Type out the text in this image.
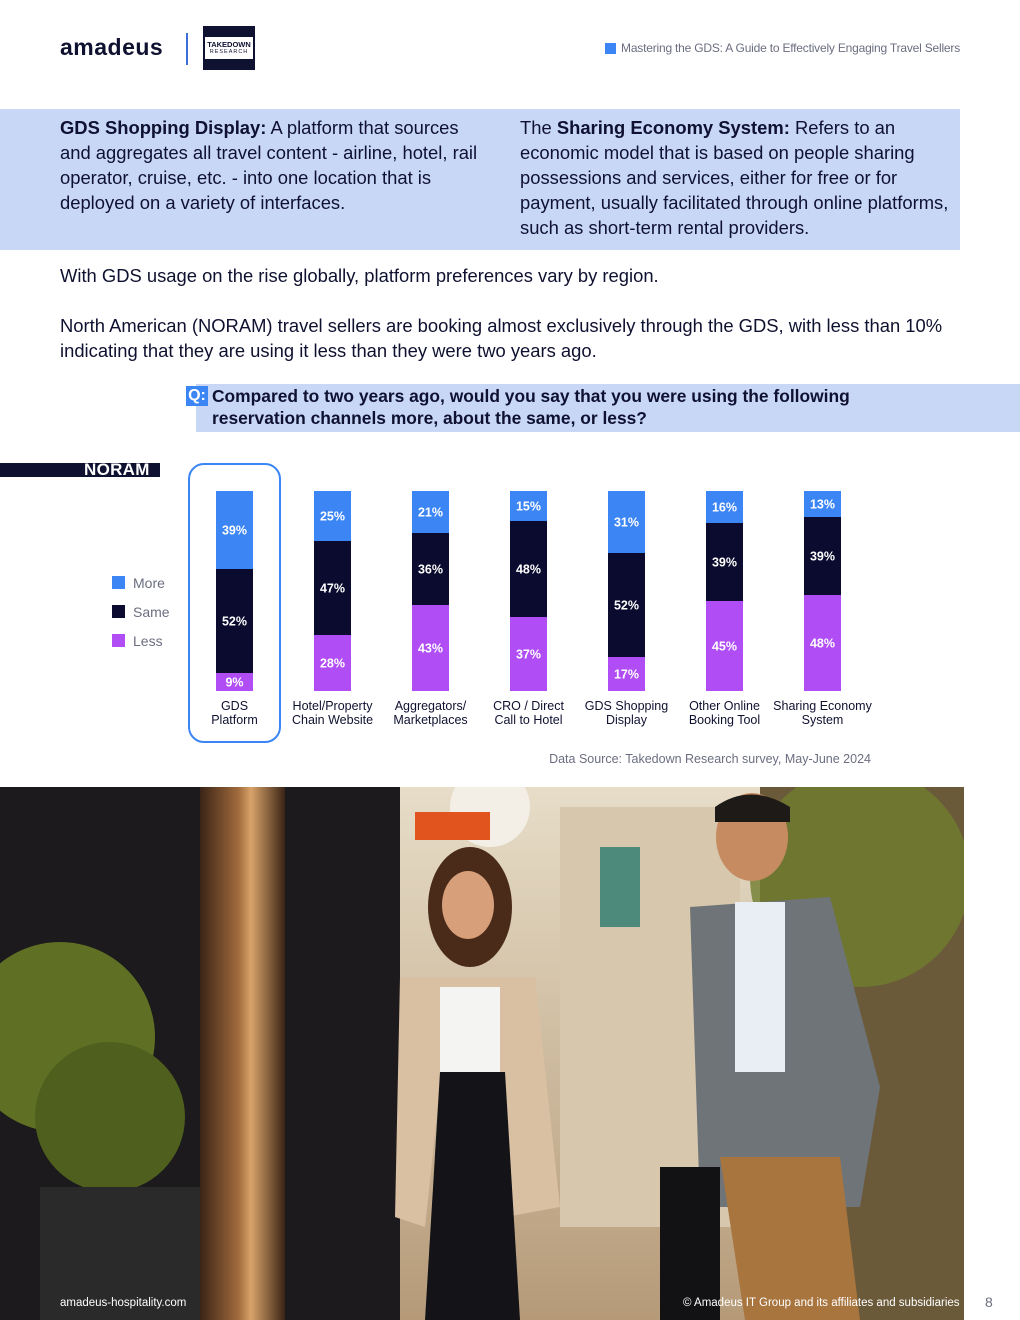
amadeus	TAKEDOWN
RESEARCH	Mastering the GDS: A Guide to Effectively Engaging Travel Sellers
GDS Shopping Display: A platform that sources and aggregates all travel content - airline, hotel, rail operator, cruise, etc. - into one location that is deployed on a variety of interfaces.
The Sharing Economy System: Refers to an economic model that is based on people sharing possessions and services, either for free or for payment, usually facilitated through online platforms, such as short-term rental providers.
With GDS usage on the rise globally, platform preferences vary by region.
North American (NORAM) travel sellers are booking almost exclusively through the GDS, with less than 10% indicating that they are using it less than they were two years ago.
Q: Compared to two years ago, would you say that you were using the following reservation channels more, about the same, or less?
NORAM
More
Same
Less
39%
52%
9%
GDS
Platform
25%
47%
28%
Hotel/Property
Chain Website
21%
36%
43%
Aggregators/
Marketplaces
15%
48%
37%
CRO / Direct
Call to Hotel
31%
52%
17%
GDS Shopping
Display
16%
39%
45%
Other Online
Booking Tool
13%
39%
48%
Sharing Economy
System
Data Source: Takedown Research survey, May-June 2024
amadeus-hospitality.com	© Amadeus IT Group and its affiliates and subsidiaries 8
